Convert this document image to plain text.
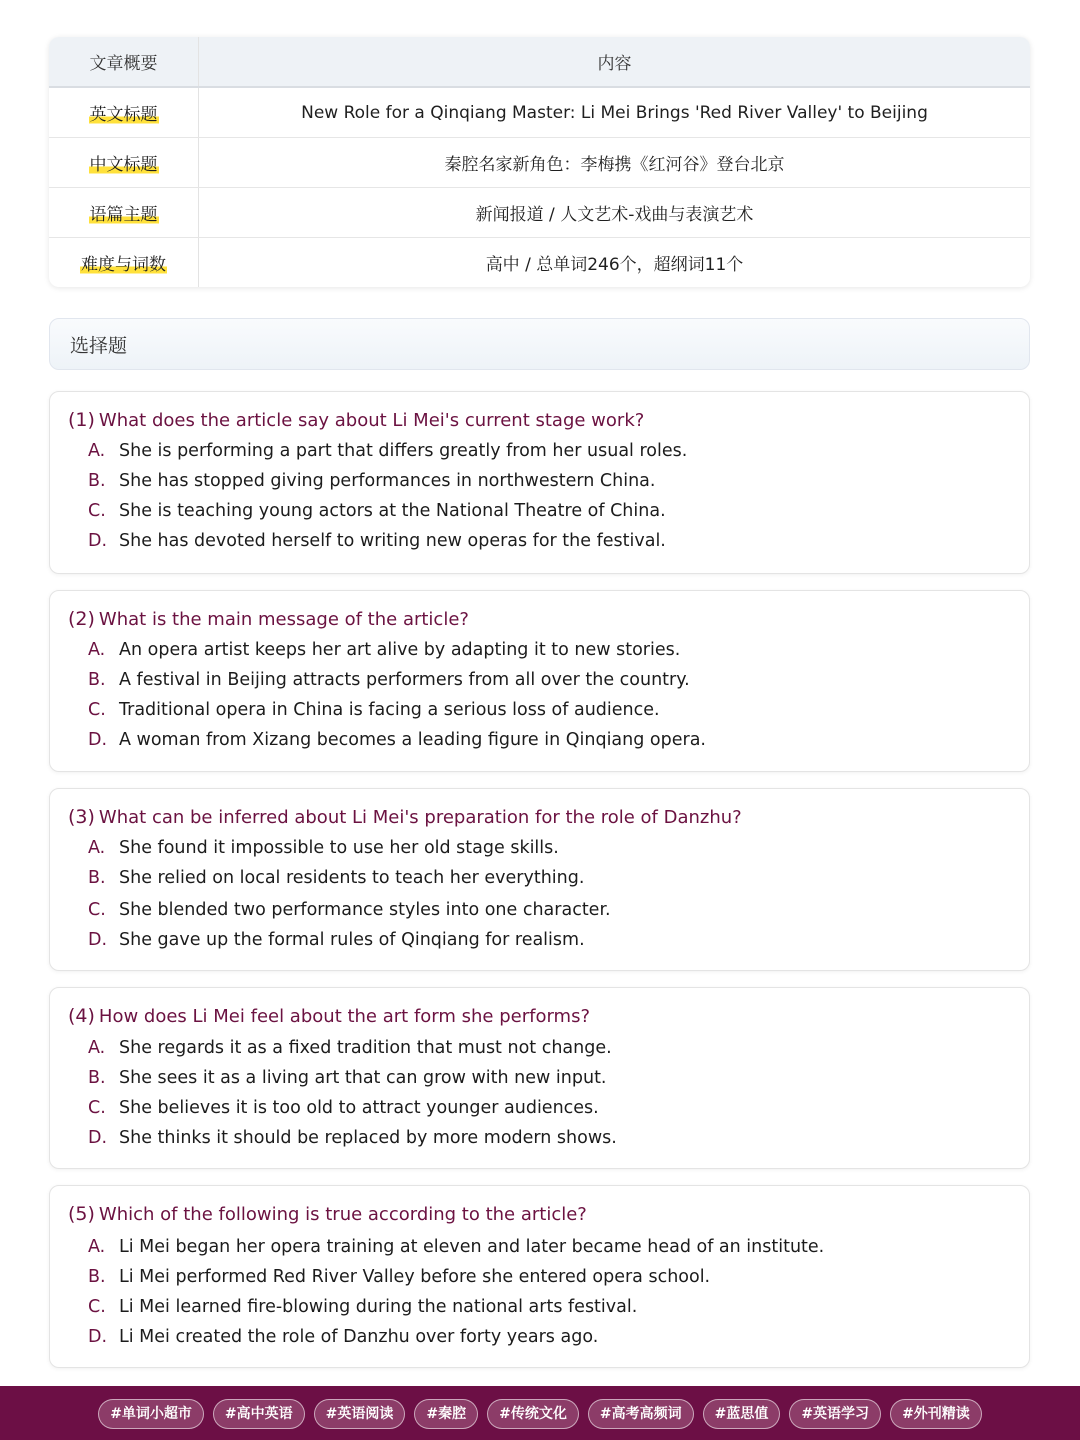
文章概要	内容
英文标题	New Role for a Qinqiang Master: Li Mei Brings 'Red River Valley' to Beijing
中文标题	秦腔名家新角色：李梅携《红河谷》登台北京
语篇主题	新闻报道 / 人文艺术-戏曲与表演艺术
难度与词数	高中 / 总单词246个，超纲词11个
选择题
(1) What does the article say about Li Mei's current stage work?
A. She is performing a part that differs greatly from her usual roles.
B. She has stopped giving performances in northwestern China.
C. She is teaching young actors at the National Theatre of China.
D. She has devoted herself to writing new operas for the festival.
(2) What is the main message of the article?
A. An opera artist keeps her art alive by adapting it to new stories.
B. A festival in Beijing attracts performers from all over the country.
C. Traditional opera in China is facing a serious loss of audience.
D. A woman from Xizang becomes a leading figure in Qinqiang opera.
(3) What can be inferred about Li Mei's preparation for the role of Danzhu?
A. She found it impossible to use her old stage skills.
B. She relied on local residents to teach her everything.
C. She blended two performance styles into one character.
D. She gave up the formal rules of Qinqiang for realism.
(4) How does Li Mei feel about the art form she performs?
A. She regards it as a fixed tradition that must not change.
B. She sees it as a living art that can grow with new input.
C. She believes it is too old to attract younger audiences.
D. She thinks it should be replaced by more modern shows.
(5) Which of the following is true according to the article?
A. Li Mei began her opera training at eleven and later became head of an institute.
B. Li Mei performed Red River Valley before she entered opera school.
C. Li Mei learned fire-blowing during the national arts festival.
D. Li Mei created the role of Danzhu over forty years ago.
#单词小超市 #高中英语 #英语阅读 #秦腔 #传统文化 #高考高频词 #蓝思值 #英语学习 #外刊精读
